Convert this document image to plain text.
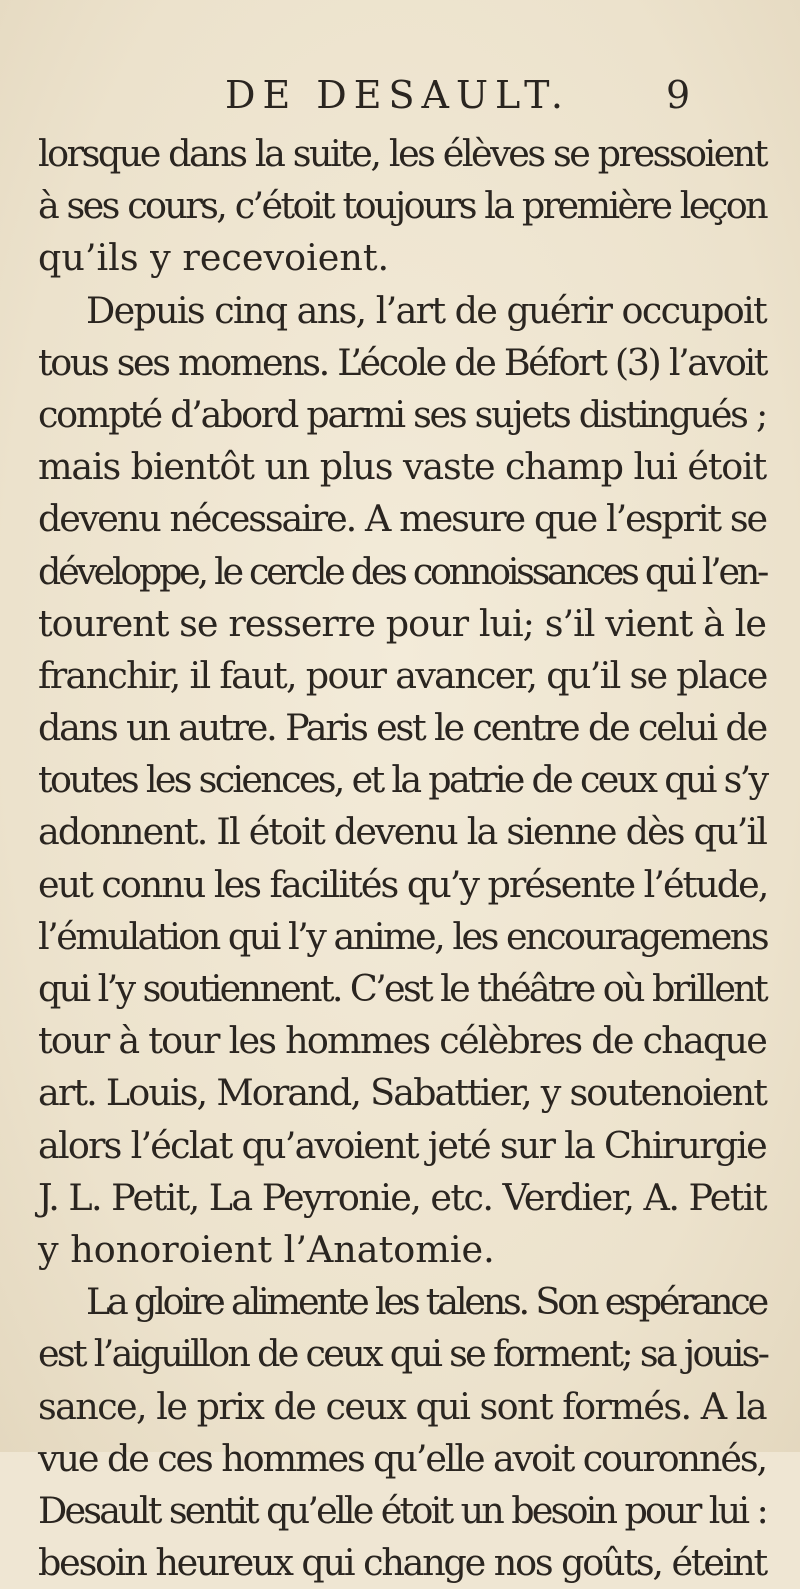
DE DESAULT.	9
lorsque dans la suite, les élèves se pressoient
à ses cours, c’étoit toujours la première leçon
qu’ils y recevoient.
Depuis cinq ans, l’art de guérir occupoit
tous ses momens. L’école de Béfort (3) l’avoit
compté d’abord parmi ses sujets distingués ;
mais bientôt un plus vaste champ lui étoit
devenu nécessaire. A mesure que l’esprit se
développe, le cercle des connoissances qui l’en-
tourent se resserre pour lui; s’il vient à le
franchir, il faut, pour avancer, qu’il se place
dans un autre. Paris est le centre de celui de
toutes les sciences, et la patrie de ceux qui s’y
adonnent. Il étoit devenu la sienne dès qu’il
eut connu les facilités qu’y présente l’étude,
l’émulation qui l’y anime, les encouragemens
qui l’y soutiennent. C’est le théâtre où brillent
tour à tour les hommes célèbres de chaque
art. Louis, Morand, Sabattier, y soutenoient
alors l’éclat qu’avoient jeté sur la Chirurgie
J. L. Petit, La Peyronie, etc. Verdier, A. Petit
y honoroient l’Anatomie.
La gloire alimente les talens. Son espérance
est l’aiguillon de ceux qui se forment; sa jouis-
sance, le prix de ceux qui sont formés. A la
vue de ces hommes qu’elle avoit couronnés,
Desault sentit qu’elle étoit un besoin pour lui :
besoin heureux qui change nos goûts, éteint
